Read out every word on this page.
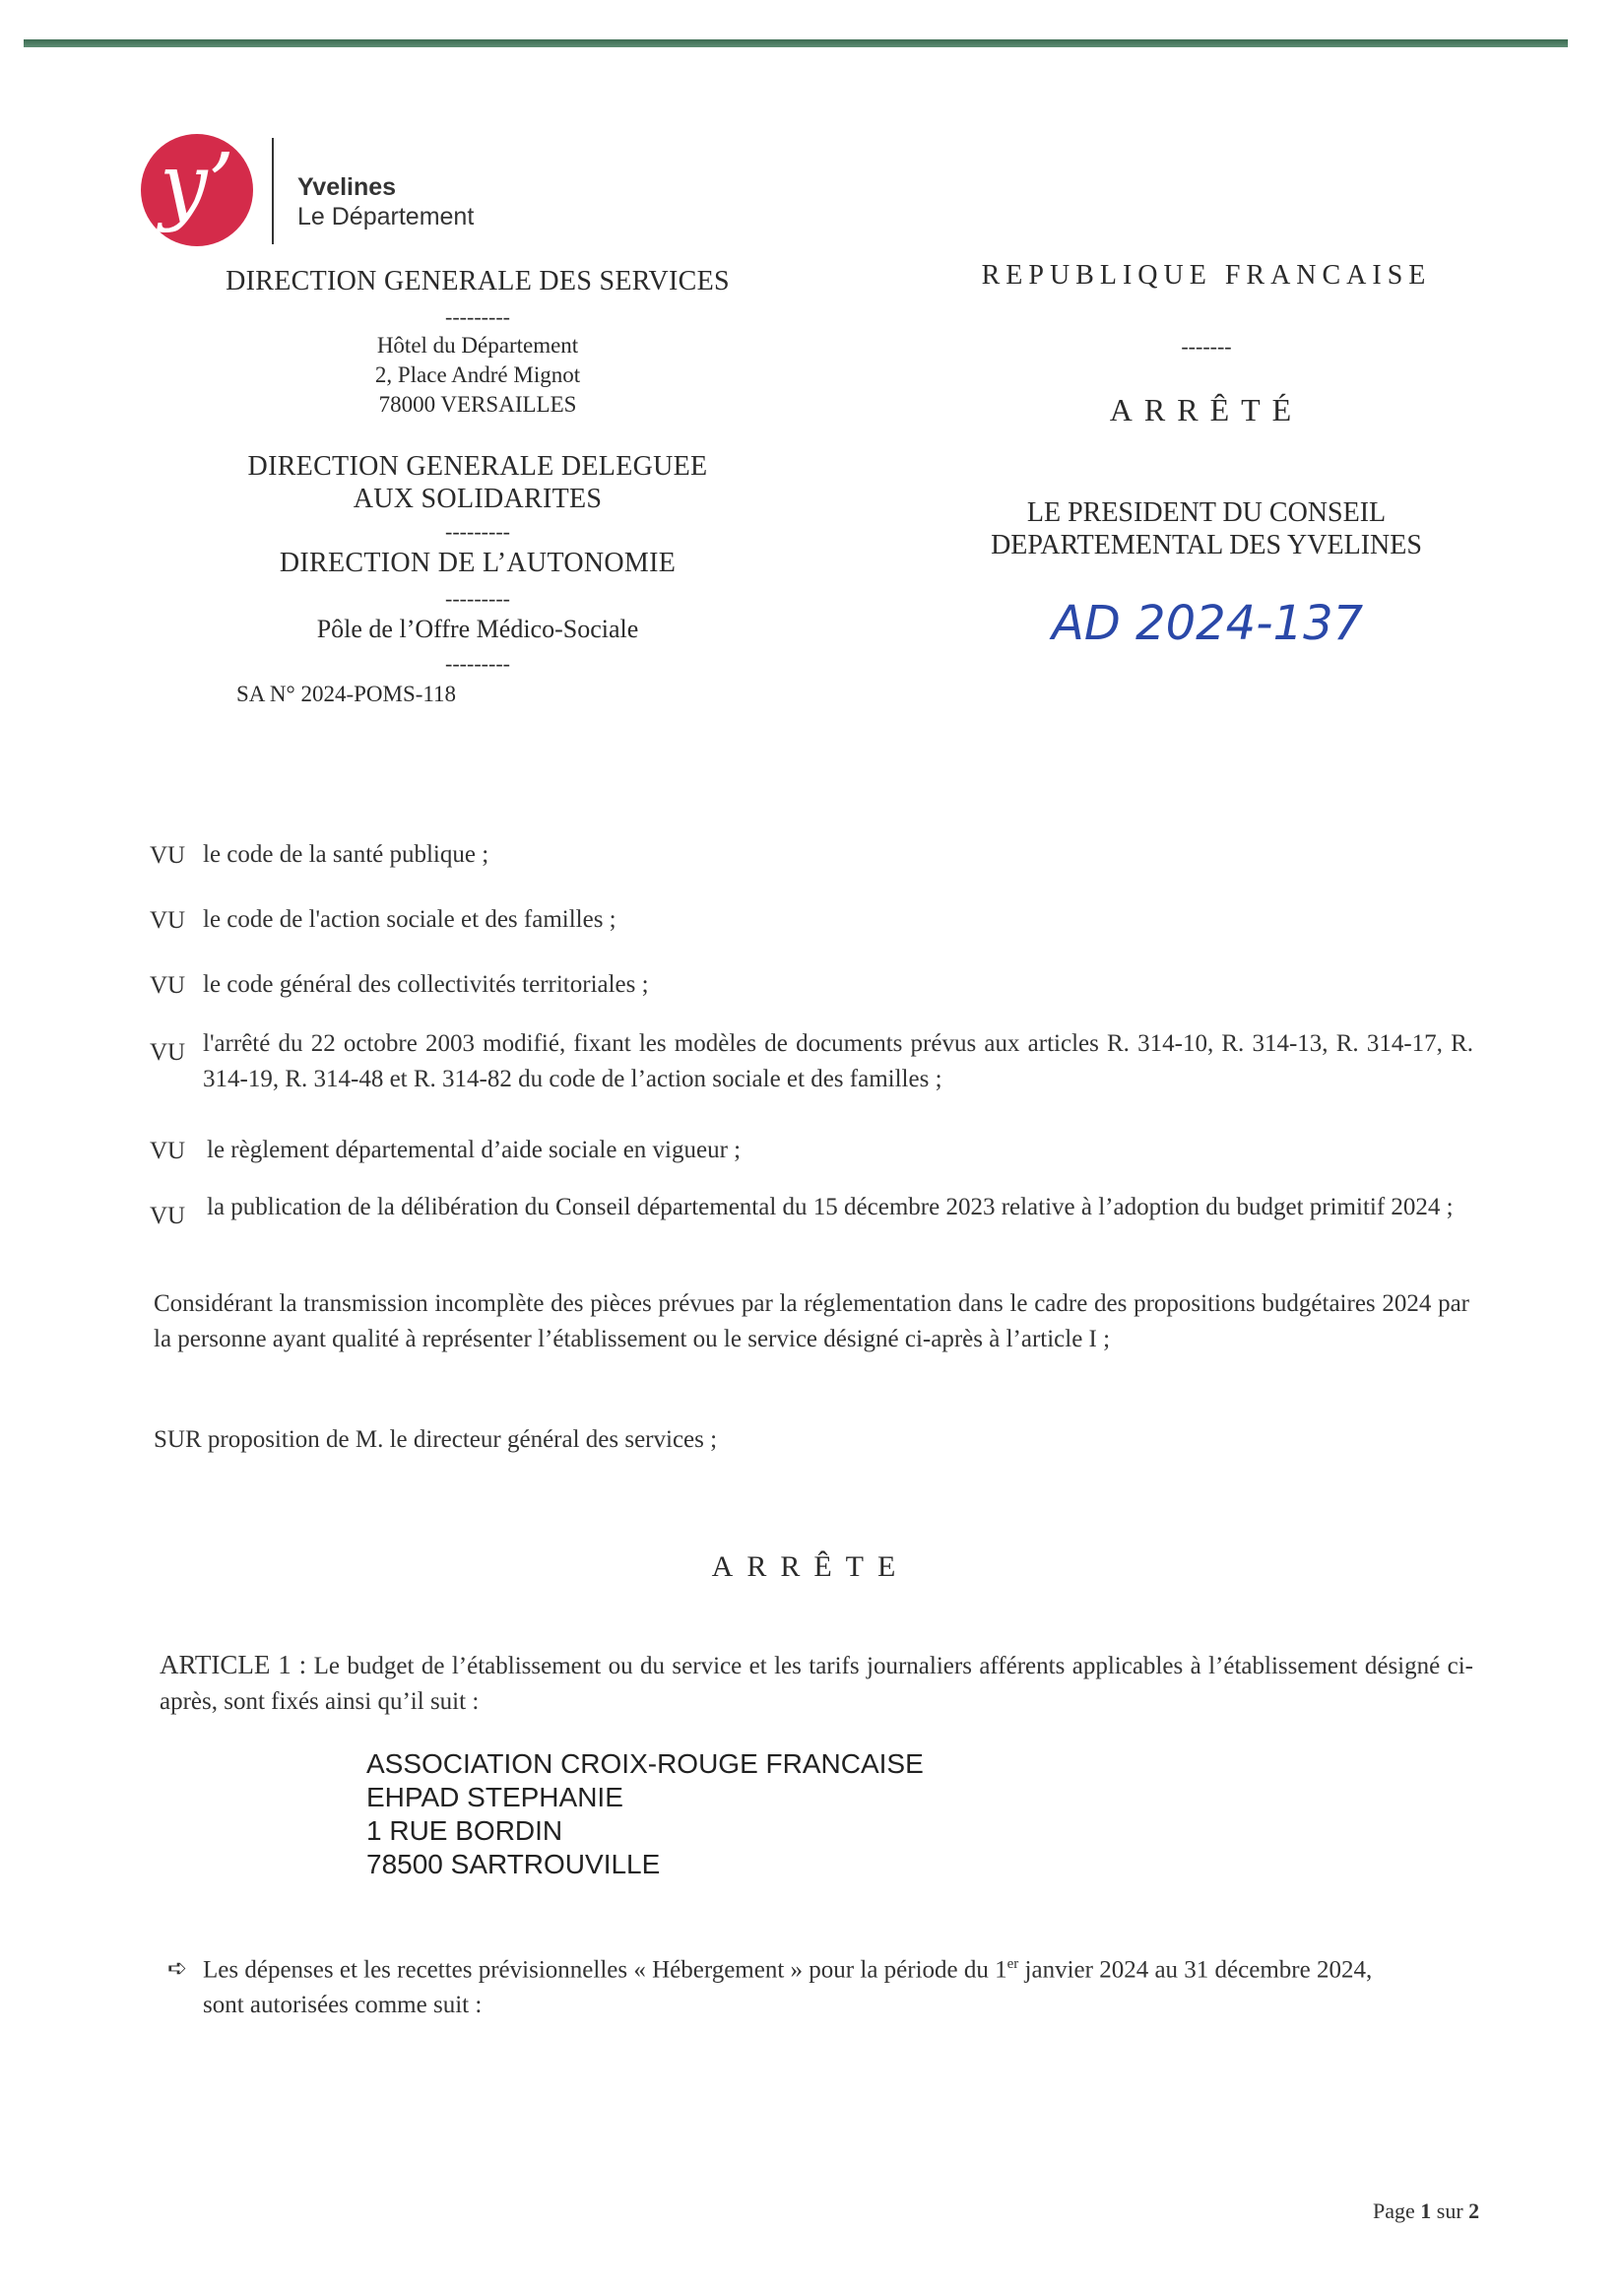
y’	Yvelines
Le Département
DIRECTION GENERALE DES SERVICES
---------
Hôtel du Département
2, Place André Mignot
78000 VERSAILLES
DIRECTION GENERALE DELEGUEE
AUX SOLIDARITES
---------
DIRECTION DE L’AUTONOMIE
---------
Pôle de l’Offre Médico-Sociale
---------
SA N° 2024-POMS-118
REPUBLIQUE FRANCAISE
-------
ARRÊTÉ
LE PRESIDENT DU CONSEIL
DEPARTEMENTAL DES YVELINES
AD 2024-137
VU le code de la santé publique ;
VU le code de l'action sociale et des familles ;
VU le code général des collectivités territoriales ;
VU l'arrêté du 22 octobre 2003 modifié, fixant les modèles de documents prévus aux articles R. 314-10, R. 314-13, R. 314-17, R. 314-19, R. 314-48 et R. 314-82 du code de l’action sociale et des familles ;
VU le règlement départemental d’aide sociale en vigueur ;
VU la publication de la délibération du Conseil départemental du 15 décembre 2023 relative à l’adoption du budget primitif 2024 ;
Considérant la transmission incomplète des pièces prévues par la réglementation dans le cadre des propositions budgétaires 2024 par la personne ayant qualité à représenter l’établissement ou le service désigné ci-après à l’article I ;
SUR proposition de M. le directeur général des services ;
ARRÊTE
ARTICLE 1 : Le budget de l’établissement ou du service et les tarifs journaliers afférents applicables à l’établissement désigné ci-après, sont fixés ainsi qu’il suit :
ASSOCIATION CROIX-ROUGE FRANCAISE
EHPAD STEPHANIE
1 RUE BORDIN
78500 SARTROUVILLE
➪ Les dépenses et les recettes prévisionnelles « Hébergement » pour la période du 1er janvier 2024 au 31 décembre 2024,
sont autorisées comme suit :
Page 1 sur 2
